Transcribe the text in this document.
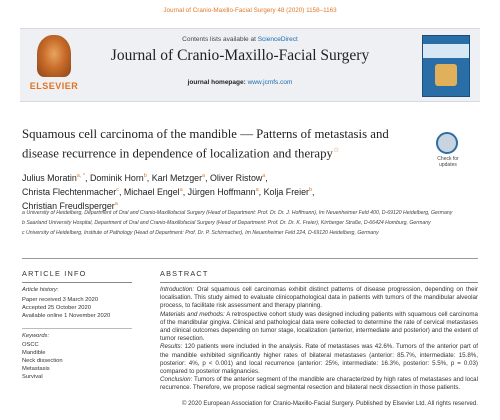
Journal of Cranio-Maxillo-Facial Surgery 48 (2020) 1158–1163
ELSEVIER
Contents lists available at ScienceDirect
Journal of Cranio-Maxillo-Facial Surgery
journal homepage: www.jcmfs.com
Squamous cell carcinoma of the mandible — Patterns of metastasis and disease recurrence in dependence of localization and therapy☆
Check for updates
Julius Moratin$^{a, *}$, Dominik Horn$^b$, Karl Metzger$^a$, Oliver Ristow$^a$,
Christa Flechtenmacher$^c$, Michael Engel$^a$, Jürgen Hoffmann$^a$, Kolja Freier$^b$,
Christian Freudlsperger$^a$
a University of Heidelberg, Department of Oral and Cranio-Maxillofacial Surgery (Head of Department: Prof. Dr. Dr. J. Hoffmann), Im Neuenheimer Feld 400, D-69120 Heidelberg, Germany
b Saarland University Hospital, Department of Oral and Cranio-Maxillofacial Surgery (Head of Department: Prof. Dr. Dr. K. Freier), Kirrberger Straße, D-66424 Homburg, Germany
c University of Heidelberg, Institute of Pathology (Head of Department: Prof. Dr. P. Schirmacher), Im Neuenheimer Feld 224, D-69120 Heidelberg, Germany
ARTICLE INFO
Article history:
Paper received 3 March 2020
Accepted 25 October 2020
Available online 1 November 2020
Keywords:
OSCC
Mandible
Neck dissection
Metastasis
Survival
ABSTRACT

Introduction: Oral squamous cell carcinomas exhibit distinct patterns of disease progression, depending on their localisation. This study aimed to evaluate clinicopathological data in patients with tumors of the mandibular alveolar process, to facilitate risk assessment and therapy planning.

Materials and methods: A retrospective cohort study was designed including patients with squamous cell carcinoma of the mandibular gingiva. Clinical and pathological data were collected to determine the rate of cervical metastases and clinical outcomes depending on tumor stage, localization (anterior, intermediate and posterior) and the extent of tumor resection.

Results: 120 patients were included in the analysis. Rate of metastases was 42.6%. Tumors of the anterior part of the mandible exhibited significantly higher rates of bilateral metastases (anterior: 85.7%, intermediate: 15.8%, posterior: 4%, p < 0.001) and local recurrence (anterior: 25%, intermediate: 16.3%, posterior: 5.5%, p = 0.03) compared to posterior malignancies.

Conclusion: Tumors of the anterior segment of the mandible are characterized by high rates of metastases and local recurrence. Therefore, we propose radical segmental resection and bilateral neck dissection in those patients.

© 2020 European Association for Cranio-Maxillo-Facial Surgery. Published by Elsevier Ltd. All rights reserved.
